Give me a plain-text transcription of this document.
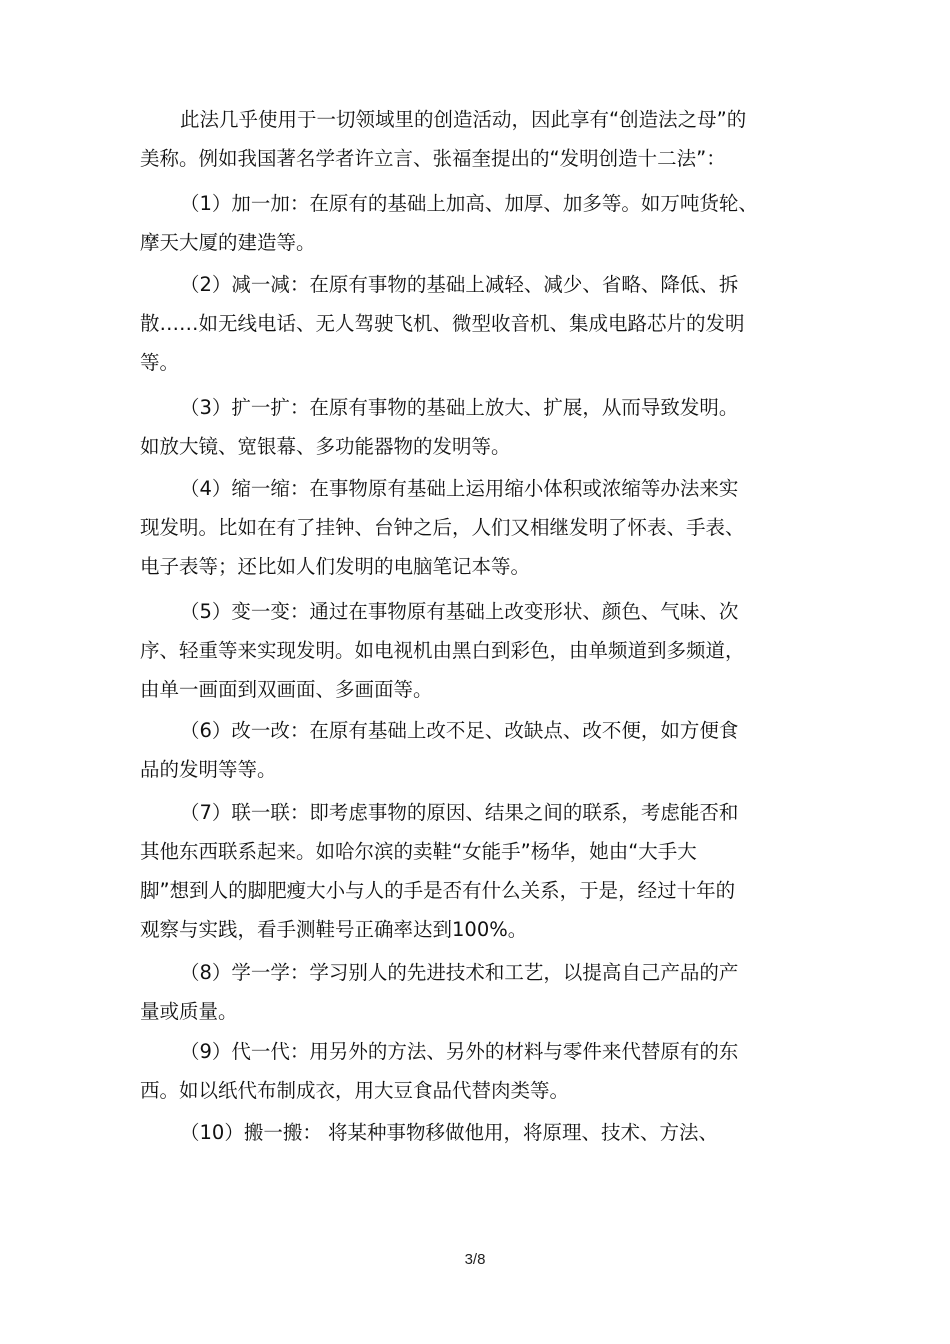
此法几乎使用于一切领域里的创造活动，因此享有“创造法之母”的
美称。例如我国著名学者许立言、张福奎提出的“发明创造十二法”：
（1）加一加：在原有的基础上加高、加厚、加多等。如万吨货轮、
摩天大厦的建造等。
（2）减一减：在原有事物的基础上减轻、减少、省略、降低、拆
散……如无线电话、无人驾驶飞机、微型收音机、集成电路芯片的发明
等。
（3）扩一扩：在原有事物的基础上放大、扩展，从而导致发明。
如放大镜、宽银幕、多功能器物的发明等。
（4）缩一缩：在事物原有基础上运用缩小体积或浓缩等办法来实
现发明。比如在有了挂钟、台钟之后，人们又相继发明了怀表、手表、
电子表等；还比如人们发明的电脑笔记本等。
（5）变一变：通过在事物原有基础上改变形状、颜色、气味、次
序、轻重等来实现发明。如电视机由黑白到彩色，由单频道到多频道，
由单一画面到双画面、多画面等。
（6）改一改：在原有基础上改不足、改缺点、改不便，如方便食
品的发明等等。
（7）联一联：即考虑事物的原因、结果之间的联系，考虑能否和
其他东西联系起来。如哈尔滨的卖鞋“女能手”杨华，她由“大手大
脚”想到人的脚肥瘦大小与人的手是否有什么关系，于是，经过十年的
观察与实践，看手测鞋号正确率达到100%。
（8）学一学：学习别人的先进技术和工艺，以提高自己产品的产
量或质量。
（9）代一代：用另外的方法、另外的材料与零件来代替原有的东
西。如以纸代布制成衣，用大豆食品代替肉类等。
（10）搬一搬： 将某种事物移做他用，将原理、技术、方法、
3/8
